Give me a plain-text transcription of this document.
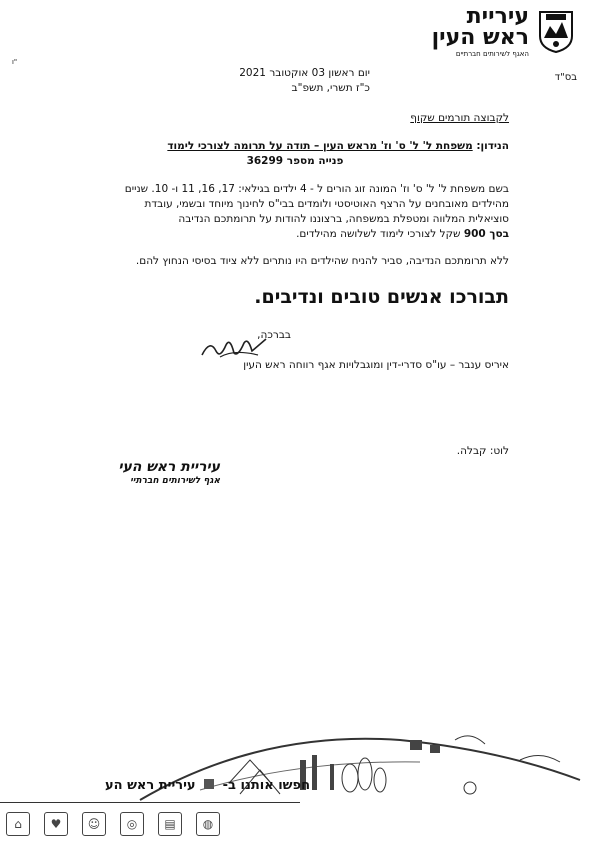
עיריית
ראש העין
האגף לשירותים חברתיים
בס"ד
ו"
יום ראשון 03 אוקטובר 2021
כ"ז תשרי, תשפ"ב
לקבוצה תורמים שקוף
הנידון: משפחת ל' ל' ס' וז' מראש העין – תודה על תרומה לצורכי לימוד
פנייה מספר 36299
בשם משפחת ל' ל' ס' וז' המונה זוג הורים ל - 4 ילדים בגילאי: 17, 16, 11 ו- 10. שניים
מהילדים מאובחנים על הרצף האוטיסטי ולומדים בבי"ס לחינוך מיוחד ובשמי, עובדת
סוציאלית המלווה ומטפלת במשפחה, ברצוננו להודות על תרומתכם הנדיבה
בסך 900 שקל לצורכי לימוד לשלושה מהילדים.
ללא תרומתכם הנדיבה, סביר להניח שהילדים היו נותרים ללא ציוד בסיסי הנחוץ להם.
תבורכו אנשים טובים ונדיבים.
בברכה,
איריס ענבר – עו"ס סדרי-דין ומוגבלויות אגף רווחה ראש העין
לוט: קבלה.
עיריית ראש העי
אגף לשירותים חברתיי
חפשו אותנו ב-  עיריית ראש הע
⌂	♥	☺	◎	▤	◍
